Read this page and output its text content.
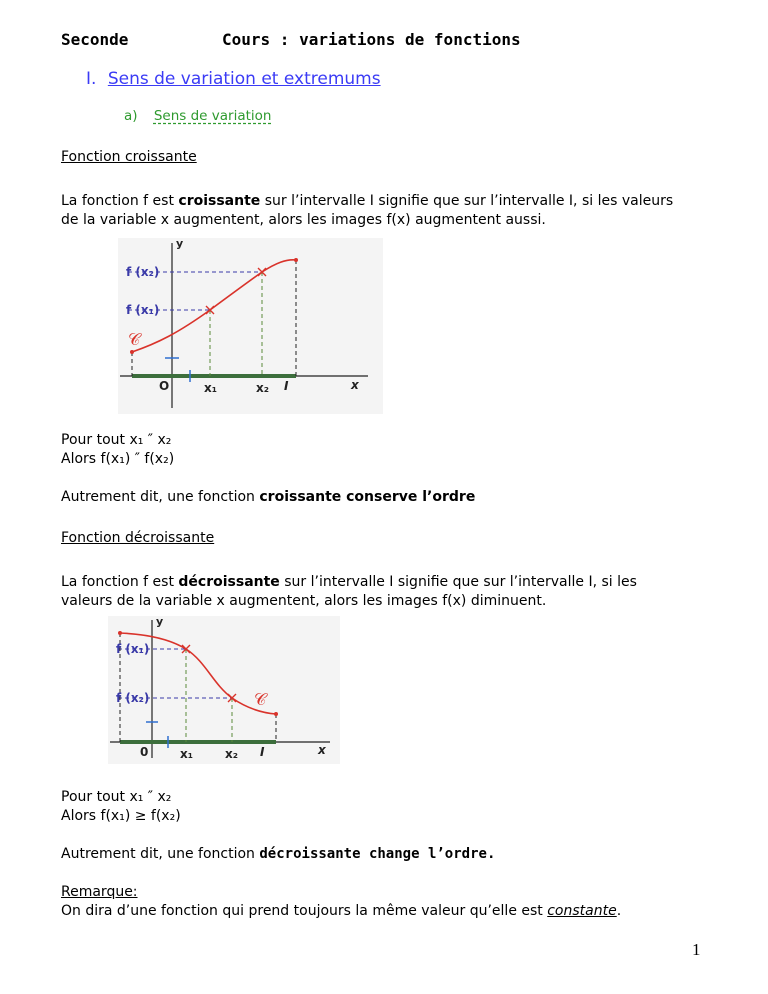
Seconde	Cours : variations de fonctions
I. Sens de variation et extremums
a) Sens de variation
Fonction croissante
La fonction f est croissante sur l’intervalle I signifie que sur l’intervalle I, si les valeurs
de la variable x augmentent, alors les images f(x) augmentent aussi.
y
f (x₂)
f (x₁)
𝒞
O	x₁	x₂ I	x
Pour tout x₁ ″ x₂
Alors f(x₁) ″ f(x₂)
Autrement dit, une fonction croissante conserve l’ordre
Fonction décroissante
La fonction f est décroissante sur l’intervalle I signifie que sur l’intervalle I, si les
valeurs de la variable x augmentent, alors les images f(x) diminuent.
y
f (x₁)
f (x₂)	𝒞
0	x₁	x₂ I	x
Pour tout x₁ ″ x₂
Alors f(x₁) ≥ f(x₂)
Autrement dit, une fonction décroissante change l’ordre.
Remarque:
On dira d’une fonction qui prend toujours la même valeur qu’elle est constante.
1
